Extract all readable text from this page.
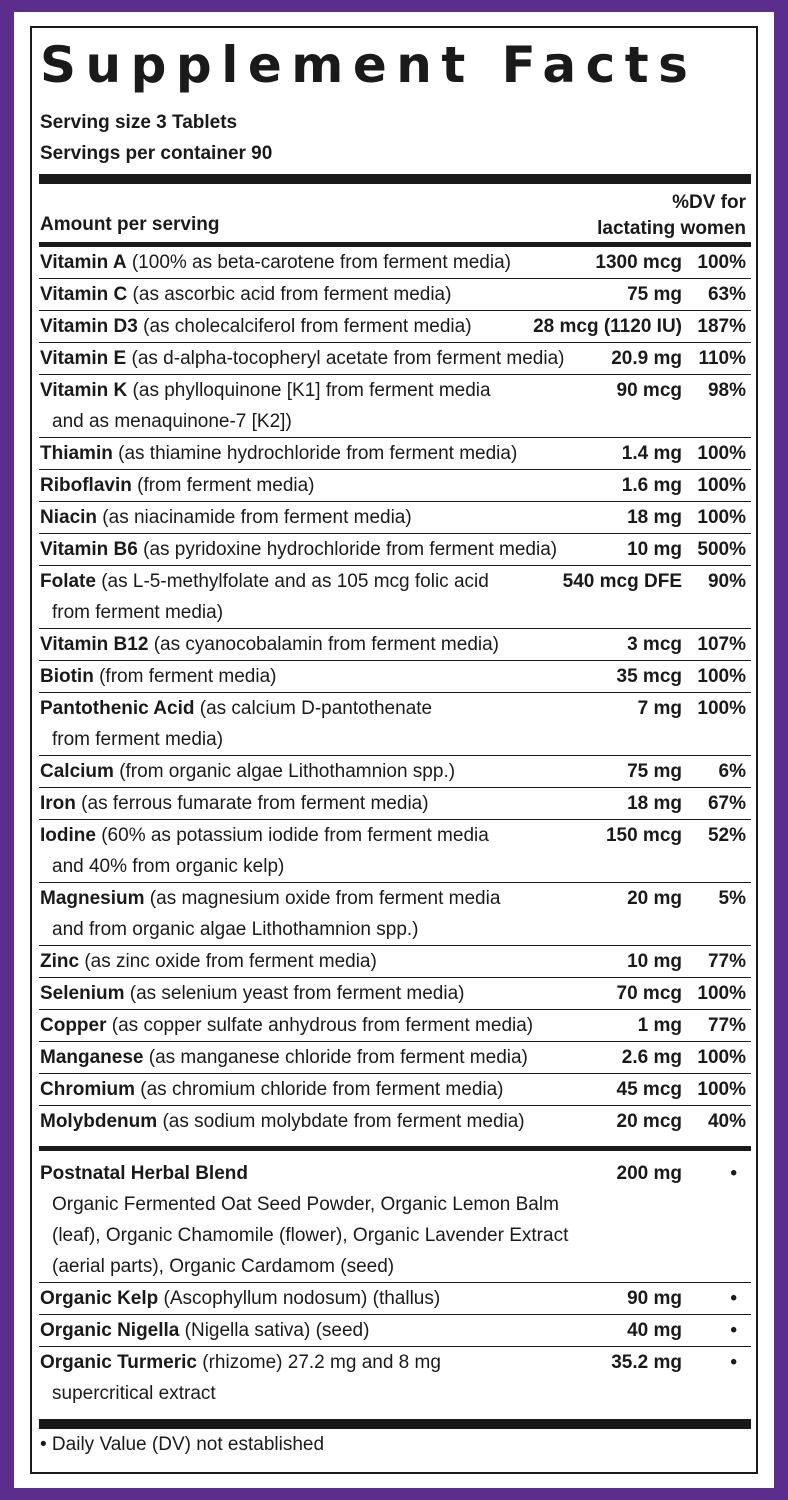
Supplement Facts
Serving size 3 Tablets
Servings per container 90
Amount per serving
%DV for
lactating women
Vitamin A (100% as beta-carotene from ferment media)	1300 mcg 100%
Vitamin C (as ascorbic acid from ferment media)	75 mg 63%
Vitamin D3 (as cholecalciferol from ferment media)	28 mcg (1120 IU) 187%
Vitamin E (as d-alpha-tocopheryl acetate from ferment media)	20.9 mg 110%
Vitamin K (as phylloquinone [K1] from ferment media
and as menaquinone-7 [K2])
90 mcg 98%
Thiamin (as thiamine hydrochloride from ferment media)	1.4 mg 100%
Riboflavin (from ferment media)	1.6 mg 100%
Niacin (as niacinamide from ferment media)	18 mg 100%
Vitamin B6 (as pyridoxine hydrochloride from ferment media)	10 mg 500%
Folate (as L-5-methylfolate and as 105 mcg folic acid
from ferment media)
540 mcg DFE 90%
Vitamin B12 (as cyanocobalamin from ferment media)	3 mcg 107%
Biotin (from ferment media)	35 mcg 100%
Pantothenic Acid (as calcium D-pantothenate
from ferment media)
7 mg 100%
Calcium (from organic algae Lithothamnion spp.)	75 mg 6%
Iron (as ferrous fumarate from ferment media)	18 mg 67%
Iodine (60% as potassium iodide from ferment media
and 40% from organic kelp)
150 mcg 52%
Magnesium (as magnesium oxide from ferment media
and from organic algae Lithothamnion spp.)
20 mg 5%
Zinc (as zinc oxide from ferment media)	10 mg 77%
Selenium (as selenium yeast from ferment media)	70 mcg 100%
Copper (as copper sulfate anhydrous from ferment media)	1 mg 77%
Manganese (as manganese chloride from ferment media)	2.6 mg 100%
Chromium (as chromium chloride from ferment media)	45 mcg 100%
Molybdenum (as sodium molybdate from ferment media)	20 mcg 40%
Postnatal Herbal Blend
Organic Fermented Oat Seed Powder, Organic Lemon Balm (leaf), Organic Chamomile (flower), Organic Lavender Extract (aerial parts), Organic Cardamom (seed)
200 mg	•
Organic Kelp (Ascophyllum nodosum) (thallus)	90 mg	•
Organic Nigella (Nigella sativa) (seed)	40 mg	•
Organic Turmeric (rhizome) 27.2 mg and 8 mg
supercritical extract
35.2 mg	•
• Daily Value (DV) not established
